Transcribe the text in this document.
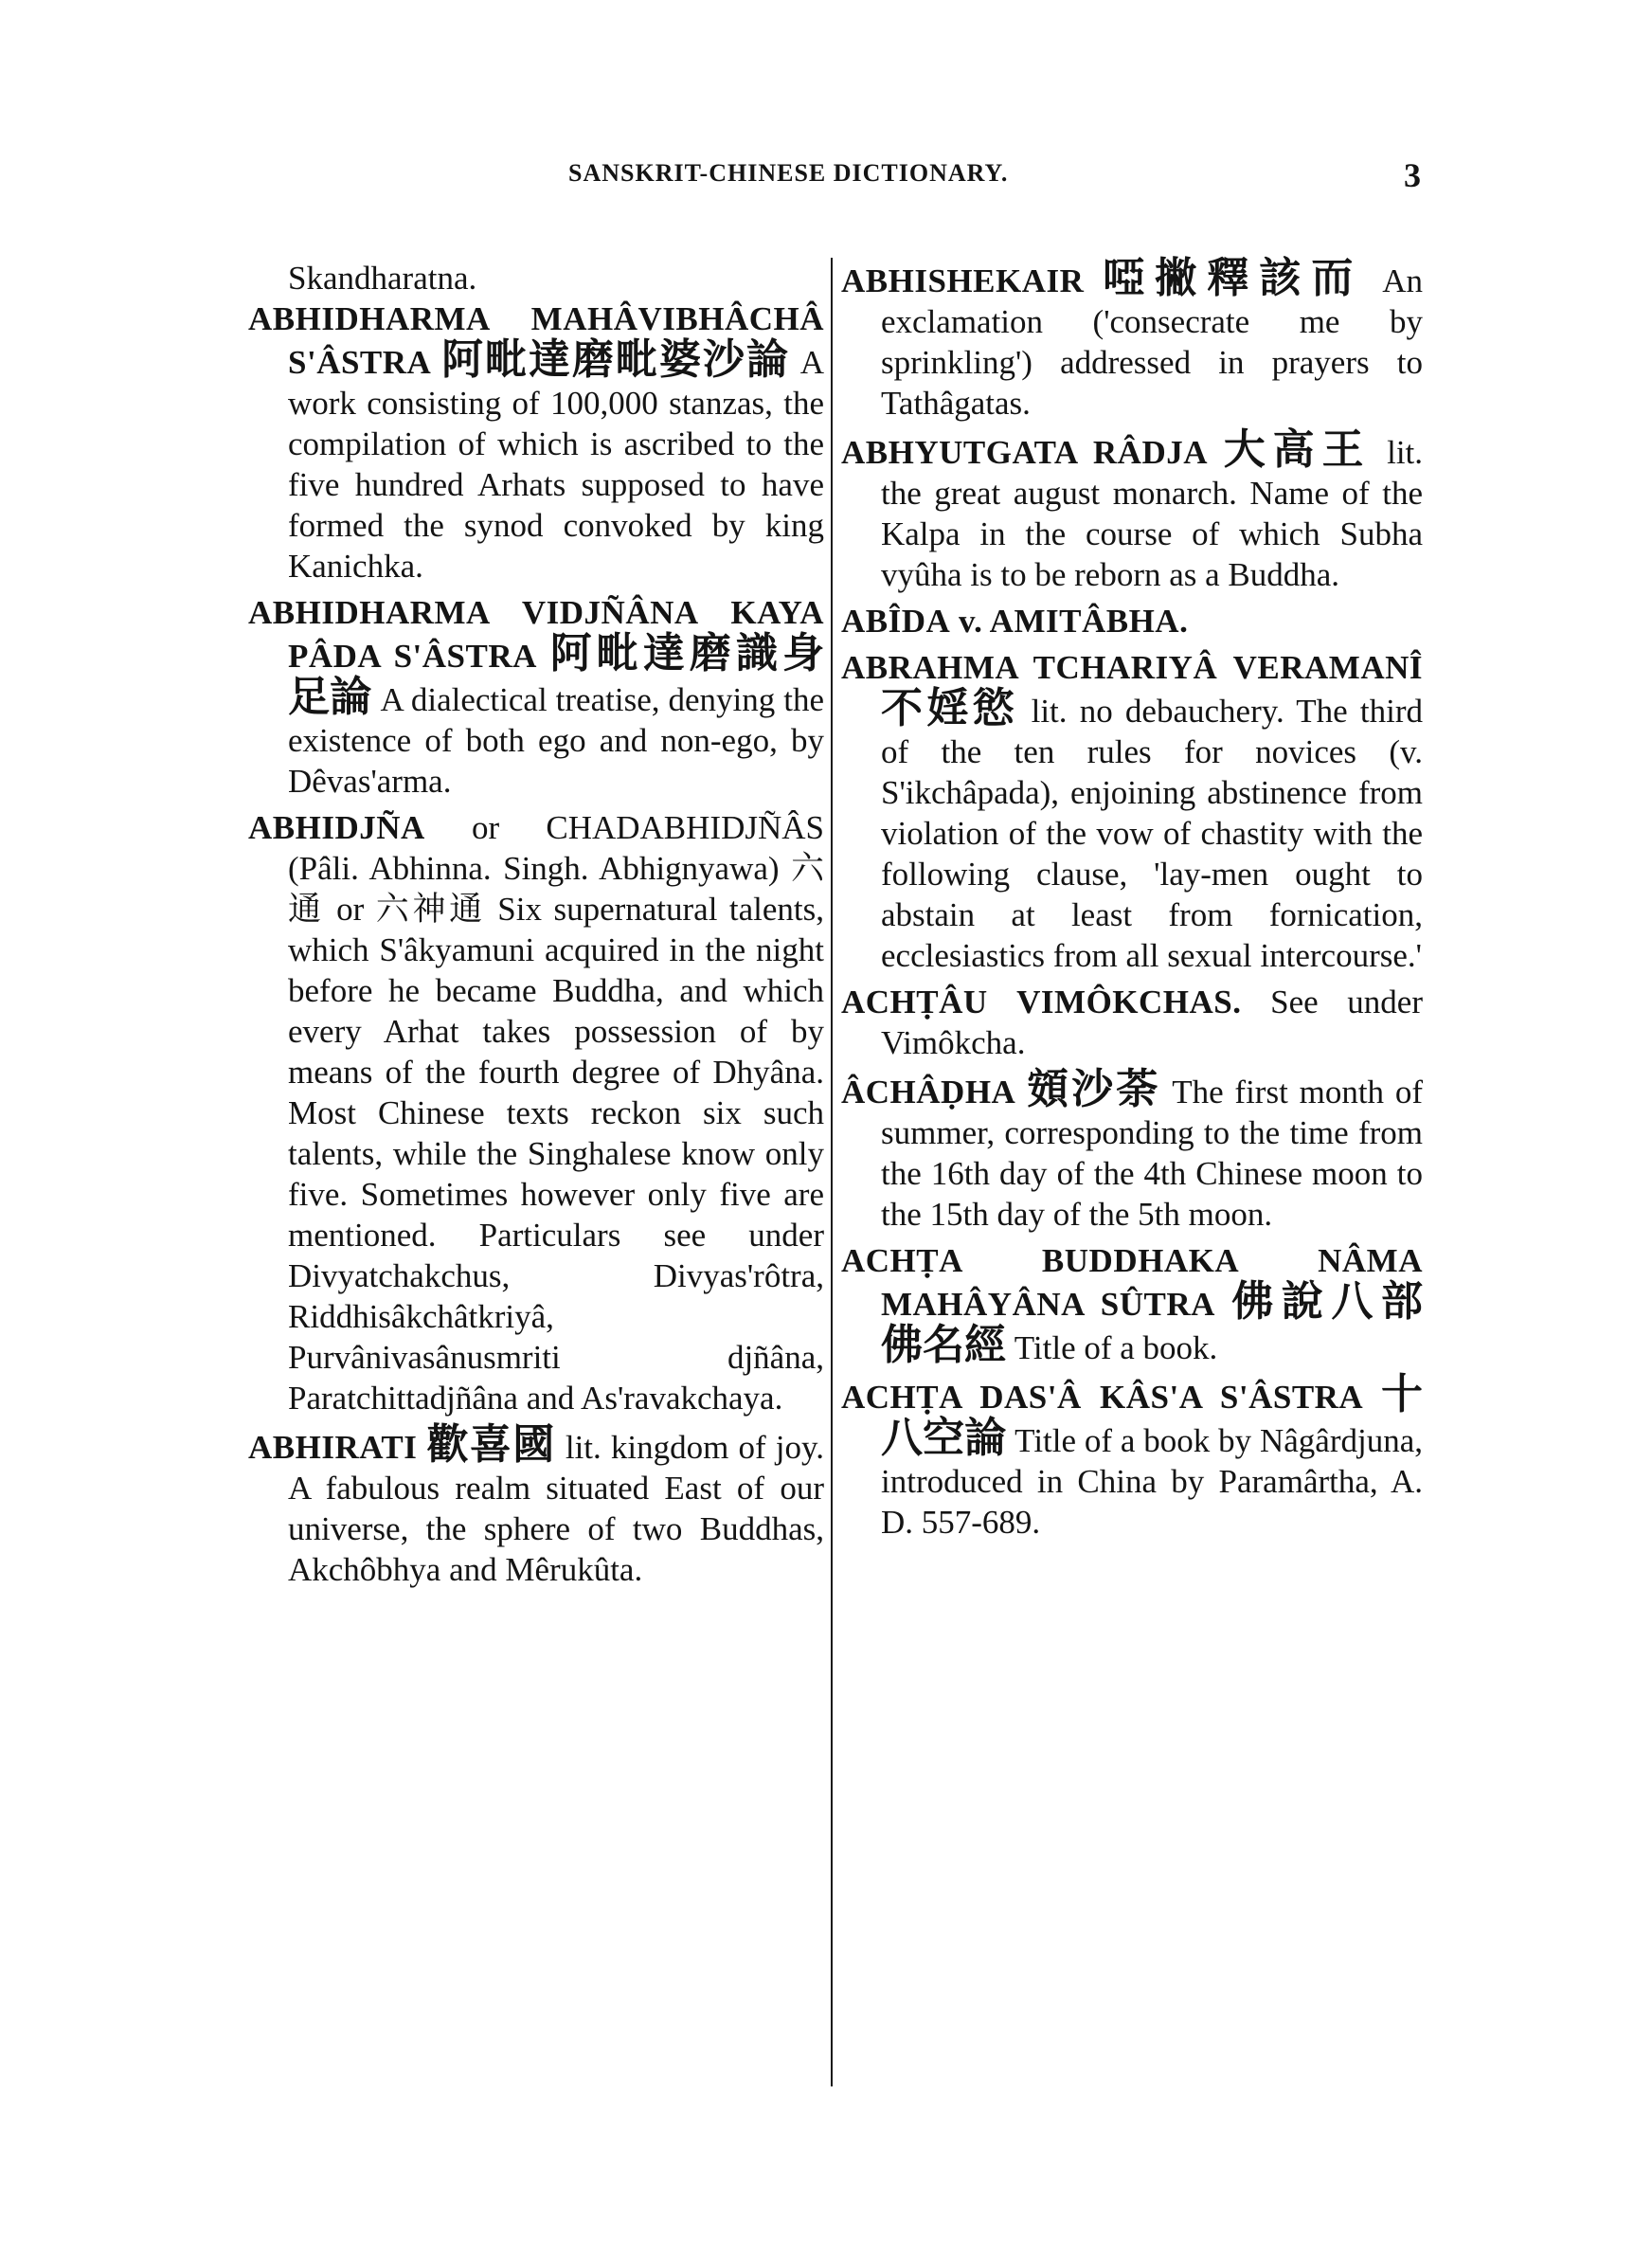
SANSKRIT-CHINESE DICTIONARY.	3

Skandharatna.

ABHIDHARMA MAHÂVIBHÂCHÂ S'ÂSTRA 阿毗達磨毗婆沙論 A work consisting of 100,000 stanzas, the compilation of which is ascribed to the five hundred Arhats supposed to have formed the synod convoked by king Kanichka.

ABHIDHARMA VIDJÑÂNA KAYA PÂDA S'ÂSTRA 阿毗達磨識身足論 A dialectical treatise, denying the existence of both ego and non-ego, by Dêvas'arma.

ABHIDJÑA or CHADABHIDJÑÂS (Pâli. Abhinna. Singh. Abhignyawa) 六通 or 六神通 Six supernatural talents, which S'âkyamuni acquired in the night before he became Buddha, and which every Arhat takes possession of by means of the fourth degree of Dhyâna. Most Chinese texts reckon six such talents, while the Singhalese know only five. Sometimes however only five are mentioned. Particulars see under Divyatchakchus, Divyas'rôtra, Riddhisâkchâtkriyâ, Purvânivasânusmriti djñâna, Paratchittadjñâna and As'ravakchaya.

ABHIRATI 歡喜國 lit. kingdom of joy. A fabulous realm situated East of our universe, the sphere of two Buddhas, Akchôbhya and Mêrukûta.

ABHISHEKAIR 啞撇釋該而 An exclamation ('consecrate me by sprinkling') addressed in prayers to Tathâgatas.

ABHYUTGATA RÂDJA 大高王 lit. the great august monarch. Name of the Kalpa in the course of which Subha vyûha is to be reborn as a Buddha.

ABÎDA v. AMITÂBHA.

ABRAHMA TCHARIYÂ VERAMANÎ 不婬慾 lit. no debauchery. The third of the ten rules for novices (v. S'ikchâpada), enjoining abstinence from violation of the vow of chastity with the following clause, 'lay-men ought to abstain at least from fornication, ecclesiastics from all sexual intercourse.'

ACHṬÂU VIMÔKCHAS. See under Vimôkcha.

ÂCHÂḌHA 頞沙荼 The first month of summer, corresponding to the time from the 16th day of the 4th Chinese moon to the 15th day of the 5th moon.

ACHṬA BUDDHAKA NÂMA MAHÂYÂNA SÛTRA 佛說八部佛名經 Title of a book.

ACHṬA DAS'Â KÂS'A S'ÂSTRA 十八空論 Title of a book by Nâgârdjuna, introduced in China by Paramârtha, A. D. 557-689.
